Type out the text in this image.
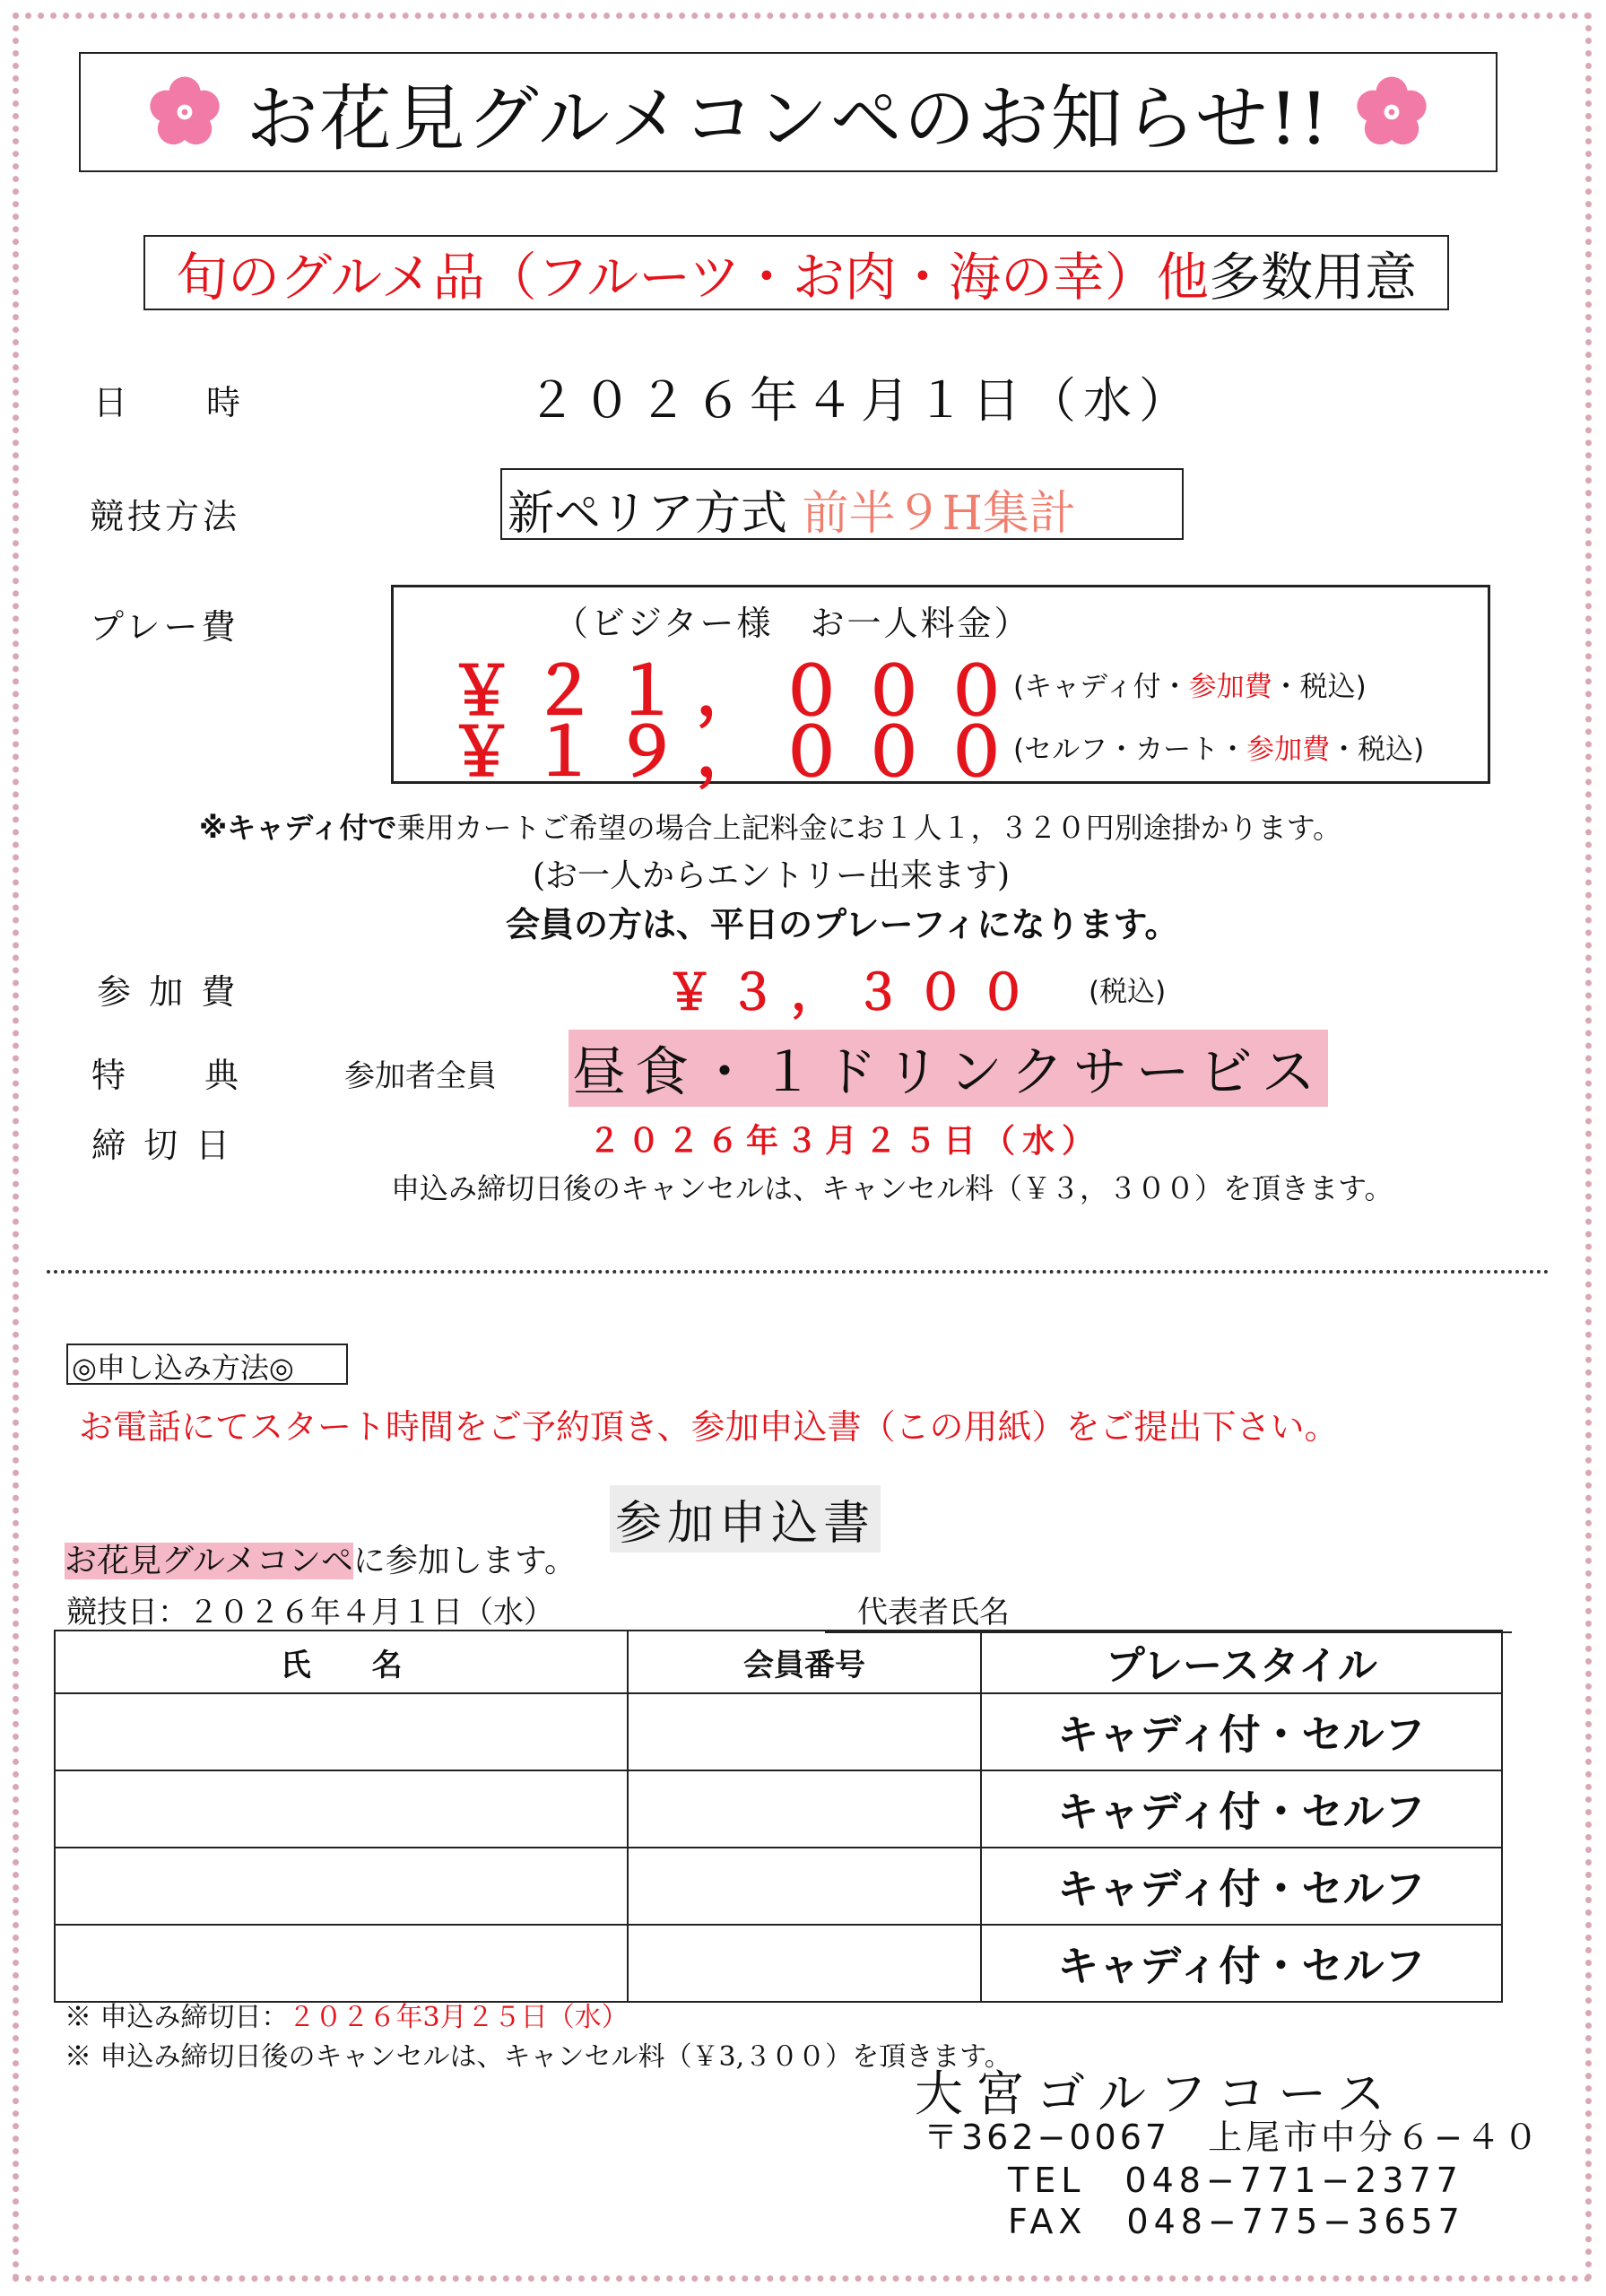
お花見グルメコンペのお知らせ!!
旬のグルメ品（フルーツ・お肉・海の幸）他 多数用意
日　　時	２０２６年４月１日（水）
競技方法	新ペリア方式 前半９H集計
プレー費	（ビジター様　お一人料金）
￥２１，０００
(キャディ付・参加費・税込)
￥１９，０００
(セルフ・カート・参加費・税込)
※キャディ付で乗用カートご希望の場合上記料金にお１人１，３２０円別途掛かります。
(お一人からエントリー出来ます)
会員の方は、平日のプレーフィになります。
参 加 費	￥３，３００ (税込)
特　　典	参加者全員 昼食・１ドリンクサービス
締 切 日	２０２６年３月２５日（水）
申込み締切日後のキャンセルは、キャンセル料（￥３，３００）を頂きます。
◎申し込み方法◎
お電話にてスタート時間をご予約頂き、参加申込書（この用紙）をご提出下さい。
参加申込書
お花見グルメコンペに参加します。
競技日：２０２６年４月１日（水）	代表者氏名
氏　　名	会員番号	プレースタイル
		キャディ付・セルフ
		キャディ付・セルフ
		キャディ付・セルフ
		キャディ付・セルフ
※ 申込み締切日：２０２６年3月２５日（水）
※ 申込み締切日後のキャンセルは、キャンセル料（￥3,３００）を頂きます。
大宮ゴルフコース
〒362−0067　上尾市中分６−４０
TEL　048−771−2377
FAX　048−775−3657
